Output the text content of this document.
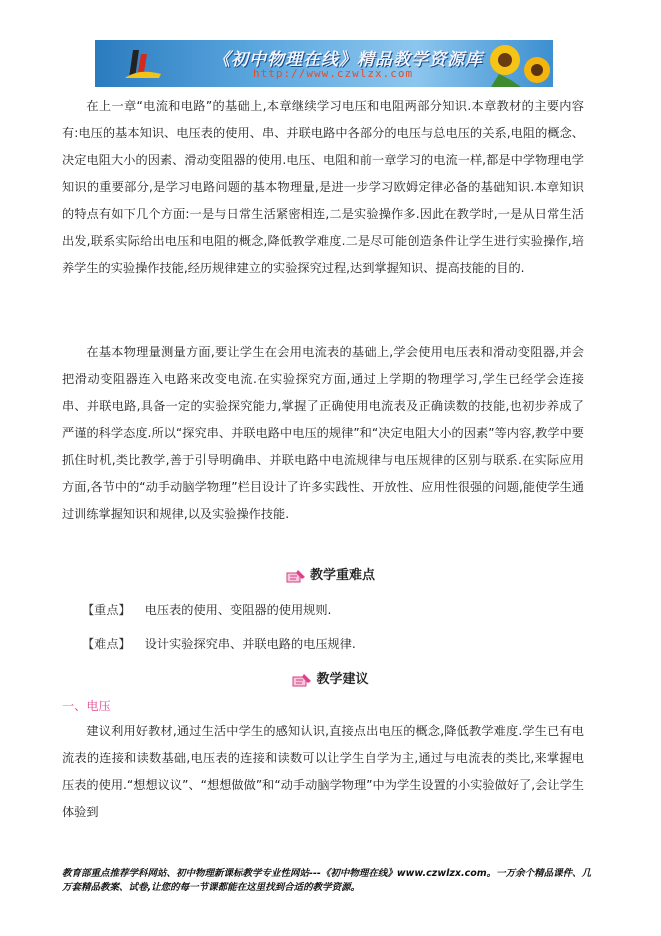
《初中物理在线》精品教学资源库
http://www.czwlzx.com

在上一章“电流和电路”的基础上,本章继续学习电压和电阻两部分知识.本章教材的主要内容有:电压的基本知识、电压表的使用、串、并联电路中各部分的电压与总电压的关系,电阻的概念、决定电阻大小的因素、滑动变阻器的使用.电压、电阻和前一章学习的电流一样,都是中学物理电学知识的重要部分,是学习电路问题的基本物理量,是进一步学习欧姆定律必备的基础知识.本章知识的特点有如下几个方面:一是与日常生活紧密相连,二是实验操作多.因此在教学时,一是从日常生活出发,联系实际给出电压和电阻的概念,降低教学难度.二是尽可能创造条件让学生进行实验操作,培养学生的实验操作技能,经历规律建立的实验探究过程,达到掌握知识、提高技能的目的.

在基本物理量测量方面,要让学生在会用电流表的基础上,学会使用电压表和滑动变阻器,并会把滑动变阻器连入电路来改变电流.在实验探究方面,通过上学期的物理学习,学生已经学会连接串、并联电路,具备一定的实验探究能力,掌握了正确使用电流表及正确读数的技能,也初步养成了严谨的科学态度.所以“探究串、并联电路中电压的规律”和“决定电阻大小的因素”等内容,教学中要抓住时机,类比教学,善于引导明确串、并联电路中电流规律与电压规律的区别与联系.在实际应用方面,各节中的“动手动脑学物理”栏目设计了许多实践性、开放性、应用性很强的问题,能使学生通过训练掌握知识和规律,以及实验操作技能.

教学重难点
【重点】 电压表的使用、变阻器的使用规则.
【难点】 设计实验探究串、并联电路的电压规律.
教学建议
一、电压

建议利用好教材,通过生活中学生的感知认识,直接点出电压的概念,降低教学难度.学生已有电流表的连接和读数基础,电压表的连接和读数可以让学生自学为主,通过与电流表的类比,来掌握电压表的使用.“想想议议”、“想想做做”和“动手动脑学物理”中为学生设置的小实验做好了,会让学生体验到

教育部重点推荐学科网站、初中物理新课标教学专业性网站---《初中物理在线》www.czwlzx.com。一万余个精品课件、几万套精品教案、试卷,让您的每一节课都能在这里找到合适的教学资源。
